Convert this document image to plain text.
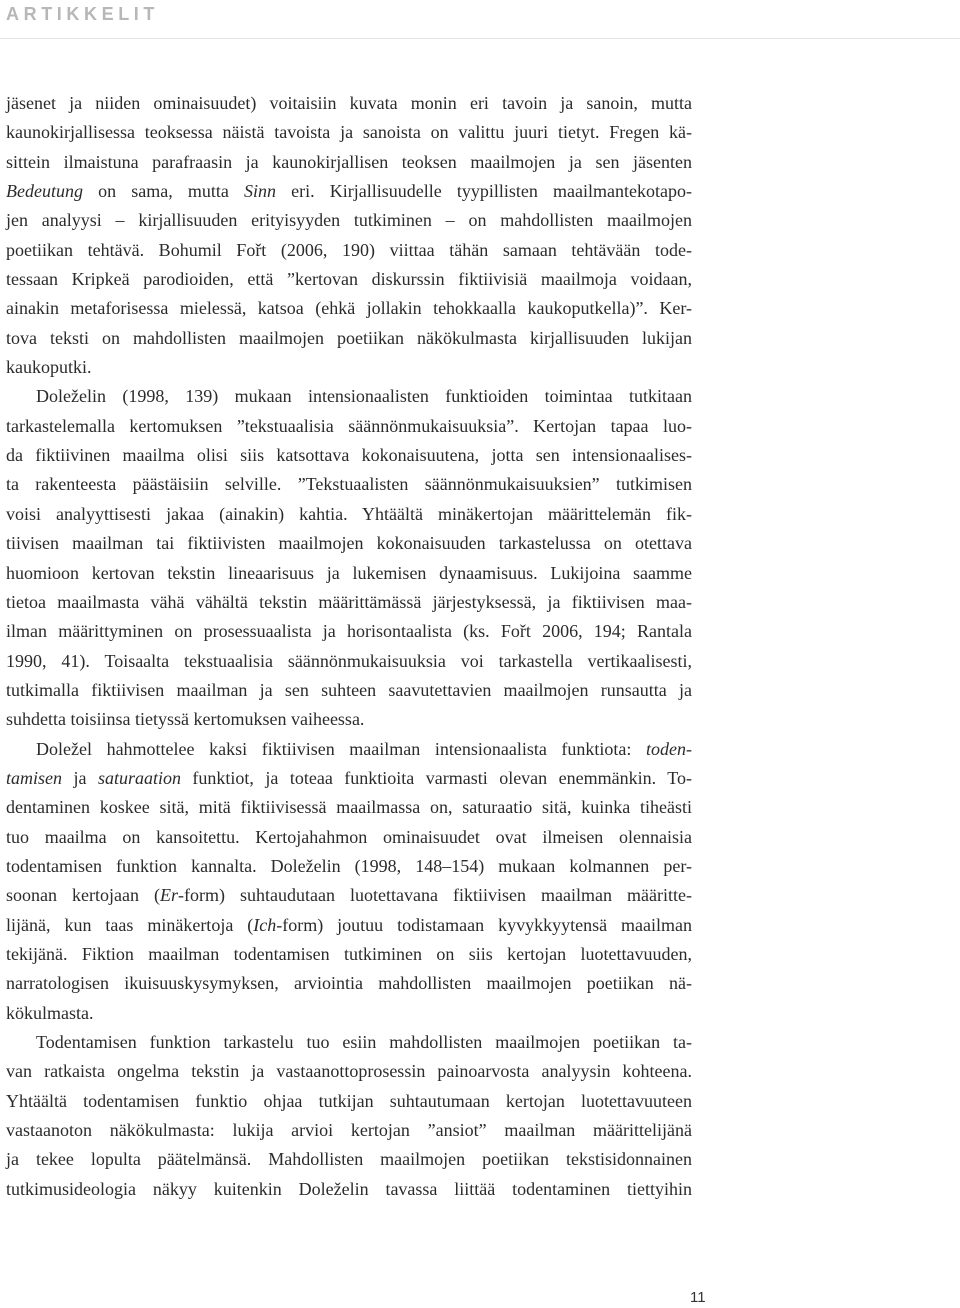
ARTIKKELIT
jäsenet ja niiden ominaisuudet) voitaisiin kuvata monin eri tavoin ja sanoin, mutta
kaunokirjallisessa teoksessa näistä tavoista ja sanoista on valittu juuri tietyt. Fregen kä-
sittein ilmaistuna parafraasin ja kaunokirjallisen teoksen maailmojen ja sen jäsenten
Bedeutung on sama, mutta Sinn eri. Kirjallisuudelle tyypillisten maailmantekotapo-
jen analyysi – kirjallisuuden erityisyyden tutkiminen – on mahdollisten maailmojen
poetiikan tehtävä. Bohumil Fořt (2006, 190) viittaa tähän samaan tehtävään tode-
tessaan Kripkeä parodioiden, että ”kertovan diskurssin fiktiivisiä maailmoja voidaan,
ainakin metaforisessa mielessä, katsoa (ehkä jollakin tehokkaalla kaukoputkella)”. Ker-
tova teksti on mahdollisten maailmojen poetiikan näkökulmasta kirjallisuuden lukijan
kaukoputki.
Doleželin (1998, 139) mukaan intensionaalisten funktioiden toimintaa tutkitaan
tarkastelemalla kertomuksen ”tekstuaalisia säännönmukaisuuksia”. Kertojan tapaa luo-
da fiktiivinen maailma olisi siis katsottava kokonaisuutena, jotta sen intensionaalises-
ta rakenteesta päästäisiin selville. ”Tekstuaalisten säännönmukaisuuksien” tutkimisen
voisi analyyttisesti jakaa (ainakin) kahtia. Yhtäältä minäkertojan määrittelemän fik-
tiivisen maailman tai fiktiivisten maailmojen kokonaisuuden tarkastelussa on otettava
huomioon kertovan tekstin lineaarisuus ja lukemisen dynaamisuus. Lukijoina saamme
tietoa maailmasta vähä vähältä tekstin määrittämässä järjestyksessä, ja fiktiivisen maa-
ilman määrittyminen on prosessuaalista ja horisontaalista (ks. Fořt 2006, 194; Rantala
1990, 41). Toisaalta tekstuaalisia säännönmukaisuuksia voi tarkastella vertikaalisesti,
tutkimalla fiktiivisen maailman ja sen suhteen saavutettavien maailmojen runsautta ja
suhdetta toisiinsa tietyssä kertomuksen vaiheessa.
Doležel hahmottelee kaksi fiktiivisen maailman intensionaalista funktiota: toden-
tamisen ja saturaation funktiot, ja toteaa funktioita varmasti olevan enemmänkin. To-
dentaminen koskee sitä, mitä fiktiivisessä maailmassa on, saturaatio sitä, kuinka tiheästi
tuo maailma on kansoitettu. Kertojahahmon ominaisuudet ovat ilmeisen olennaisia
todentamisen funktion kannalta. Doleželin (1998, 148–154) mukaan kolmannen per-
soonan kertojaan (Er-form) suhtaudutaan luotettavana fiktiivisen maailman määritte-
lijänä, kun taas minäkertoja (Ich-form) joutuu todistamaan kyvykkyytensä maailman
tekijänä. Fiktion maailman todentamisen tutkiminen on siis kertojan luotettavuuden,
narratologisen ikuisuuskysymyksen, arviointia mahdollisten maailmojen poetiikan nä-
kökulmasta.
Todentamisen funktion tarkastelu tuo esiin mahdollisten maailmojen poetiikan ta-
van ratkaista ongelma tekstin ja vastaanottoprosessin painoarvosta analyysin kohteena.
Yhtäältä todentamisen funktio ohjaa tutkijan suhtautumaan kertojan luotettavuuteen
vastaanoton näkökulmasta: lukija arvioi kertojan ”ansiot” maailman määrittelijänä
ja tekee lopulta päätelmänsä. Mahdollisten maailmojen poetiikan tekstisidonnainen
tutkimusideologia näkyy kuitenkin Doleželin tavassa liittää todentaminen tiettyihin
11
